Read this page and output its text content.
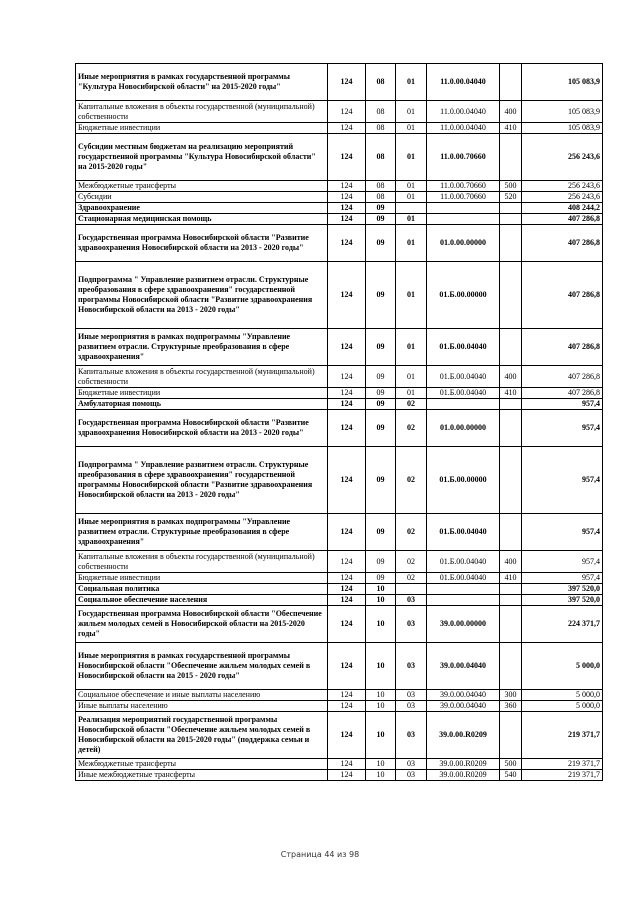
Иные мероприятия в рамках государственной программы "Культура Новосибирской области" на 2015-2020 годы"	124	08	01	11.0.00.04040		105 083,9
Капитальные вложения в объекты государственной (муниципальной) собственности	124	08	01	11.0.00.04040	400	105 083,9
Бюджетные инвестиции	124	08	01	11.0.00.04040	410	105 083,9
Субсидии местным бюджетам на реализацию мероприятий государственной программы "Культура Новосибирской области" на 2015-2020 годы"	124	08	01	11.0.00.70660		256 243,6
Межбюджетные трансферты	124	08	01	11.0.00.70660	500	256 243,6
Субсидии	124	08	01	11.0.00.70660	520	256 243,6
Здравоохранение	124	09				408 244,2
Стационарная медицинская помощь	124	09	01			407 286,8
Государственная программа Новосибирской области "Развитие здравоохранения Новосибирской области на 2013 - 2020 годы"	124	09	01	01.0.00.00000		407 286,8
Подпрограмма " Управление развитием отрасли. Структурные преобразования в сфере здравоохранения" государственной программы Новосибирской области "Развитие здравоохранения Новосибирской области на 2013 - 2020 годы"	124	09	01	01.Б.00.00000		407 286,8
Иные мероприятия в рамках подпрограммы "Управление развитием отрасли. Структурные преобразования в сфере здравоохранения"	124	09	01	01.Б.00.04040		407 286,8
Капитальные вложения в объекты государственной (муниципальной) собственности	124	09	01	01.Б.00.04040	400	407 286,8
Бюджетные инвестиции	124	09	01	01.Б.00.04040	410	407 286,8
Амбулаторная помощь	124	09	02			957,4
Государственная программа Новосибирской области "Развитие здравоохранения Новосибирской области на 2013 - 2020 годы"	124	09	02	01.0.00.00000		957,4
Подпрограмма " Управление развитием отрасли. Структурные преобразования в сфере здравоохранения" государственной программы Новосибирской области "Развитие здравоохранения Новосибирской области на 2013 - 2020 годы"	124	09	02	01.Б.00.00000		957,4
Иные мероприятия в рамках подпрограммы "Управление развитием отрасли. Структурные преобразования в сфере здравоохранения"	124	09	02	01.Б.00.04040		957,4
Капитальные вложения в объекты государственной (муниципальной) собственности	124	09	02	01.Б.00.04040	400	957,4
Бюджетные инвестиции	124	09	02	01.Б.00.04040	410	957,4
Социальная политика	124	10				397 520,0
Социальное обеспечение населения	124	10	03			397 520,0
Государственная программа Новосибирской области "Обеспечение жильем молодых семей в Новосибирской области на 2015-2020 годы"	124	10	03	39.0.00.00000		224 371,7
Иные мероприятия в рамках государственной программы Новосибирской области "Обеспечение жильем молодых семей в Новосибирской области на 2015 - 2020 годы"	124	10	03	39.0.00.04040		5 000,0
Социальное обеспечение и иные выплаты населению	124	10	03	39.0.00.04040	300	5 000,0
Иные выплаты населению	124	10	03	39.0.00.04040	360	5 000,0
Реализация мероприятий государственной программы Новосибирской области "Обеспечение жильем молодых семей в Новосибирской области на 2015-2020 годы" (поддержка семьи и детей)	124	10	03	39.0.00.R0209		219 371,7
Межбюджетные трансферты	124	10	03	39.0.00.R0209	500	219 371,7
Иные межбюджетные трансферты	124	10	03	39.0.00.R0209	540	219 371,7
Страница 44 из 98
